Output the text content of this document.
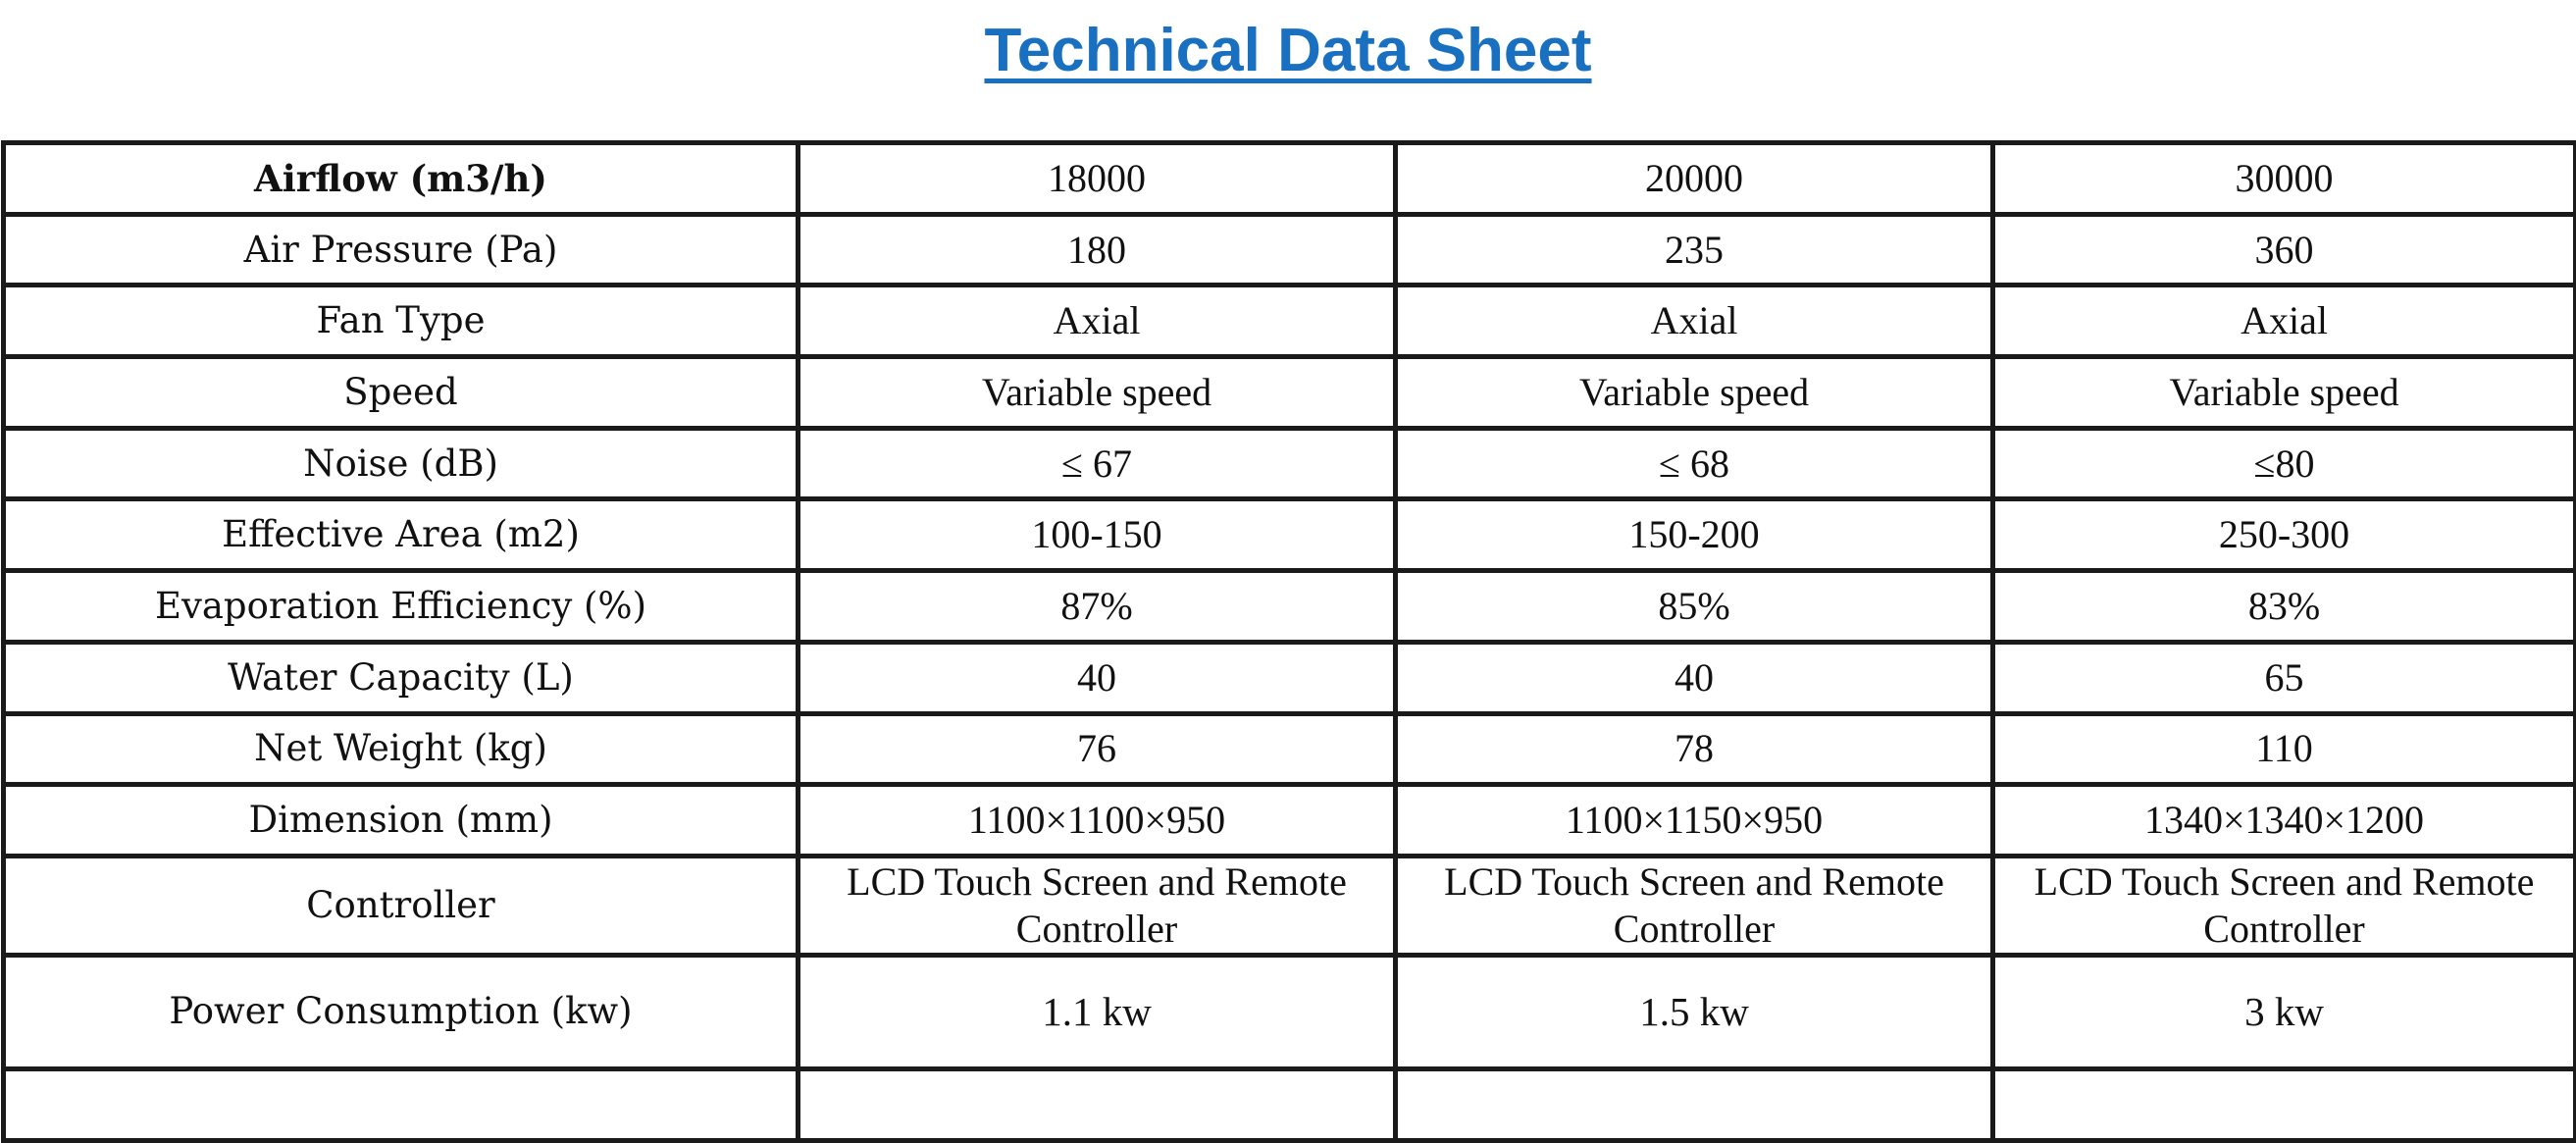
Technical Data Sheet
Airflow (m3/h)	18000	20000	30000
Air Pressure (Pa)	180	235	360
Fan Type	Axial	Axial	Axial
Speed	Variable speed	Variable speed	Variable speed
Noise (dB)	≤ 67	≤ 68	≤80
Effective Area (m2)	100-150	150-200	250-300
Evaporation Efficiency (%)	87%	85%	83%
Water Capacity (L)	40	40	65
Net Weight (kg)	76	78	110
Dimension (mm)	1100×1100×950	1100×1150×950	1340×1340×1200
Controller	LCD Touch Screen and Remote Controller	LCD Touch Screen and Remote Controller	LCD Touch Screen and Remote Controller
Power Consumption (kw)	1.1 kw	1.5 kw	3 kw
